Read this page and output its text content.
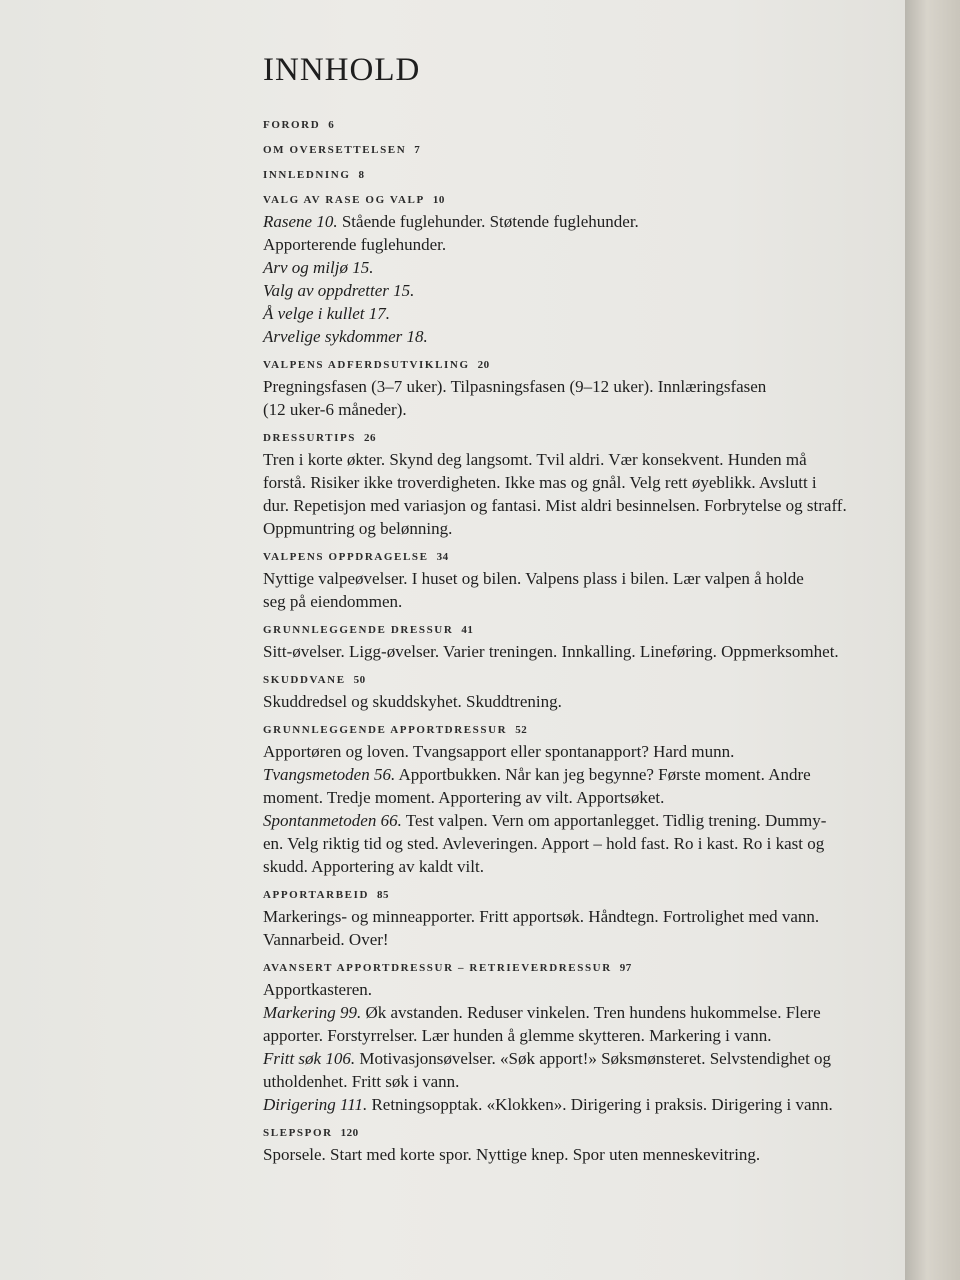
INNHOLD
FORORD 6
OM OVERSETTELSEN 7
INNLEDNING 8
VALG AV RASE OG VALP 10
Rasene 10. Stående fuglehunder. Støtende fuglehunder.
Apporterende fuglehunder.
Arv og miljø 15.
Valg av oppdretter 15.
Å velge i kullet 17.
Arvelige sykdommer 18.
VALPENS ADFERDSUTVIKLING 20
Pregningsfasen (3–7 uker). Tilpasningsfasen (9–12 uker). Innlæringsfasen
(12 uker-6 måneder).
DRESSURTIPS 26
Tren i korte økter. Skynd deg langsomt. Tvil aldri. Vær konsekvent. Hunden må
forstå. Risiker ikke troverdigheten. Ikke mas og gnål. Velg rett øyeblikk. Avslutt i
dur. Repetisjon med variasjon og fantasi. Mist aldri besinnelsen. Forbrytelse og straff.
Oppmuntring og belønning.
VALPENS OPPDRAGELSE 34
Nyttige valpeøvelser. I huset og bilen. Valpens plass i bilen. Lær valpen å holde
seg på eiendommen.
GRUNNLEGGENDE DRESSUR 41
Sitt-øvelser. Ligg-øvelser. Varier treningen. Innkalling. Lineføring. Oppmerksomhet.
SKUDDVANE 50
Skuddredsel og skuddskyhet. Skuddtrening.
GRUNNLEGGENDE APPORTDRESSUR 52
Apportøren og loven. Tvangsapport eller spontanapport? Hard munn.
Tvangsmetoden 56. Apportbukken. Når kan jeg begynne? Første moment. Andre
moment. Tredje moment. Apportering av vilt. Apportsøket.
Spontanmetoden 66. Test valpen. Vern om apportanlegget. Tidlig trening. Dummy-
en. Velg riktig tid og sted. Avleveringen. Apport – hold fast. Ro i kast. Ro i kast og
skudd. Apportering av kaldt vilt.
APPORTARBEID 85
Markerings- og minneapporter. Fritt apportsøk. Håndtegn. Fortrolighet med vann.
Vannarbeid. Over!
AVANSERT APPORTDRESSUR – RETRIEVERDRESSUR 97
Apportkasteren.
Markering 99. Øk avstanden. Reduser vinkelen. Tren hundens hukommelse. Flere
apporter. Forstyrrelser. Lær hunden å glemme skytteren. Markering i vann.
Fritt søk 106. Motivasjonsøvelser. «Søk apport!» Søksmønsteret. Selvstendighet og
utholdenhet. Fritt søk i vann.
Dirigering 111. Retningsopptak. «Klokken». Dirigering i praksis. Dirigering i vann.
SLEPSPOR 120
Sporsele. Start med korte spor. Nyttige knep. Spor uten menneskevitring.
